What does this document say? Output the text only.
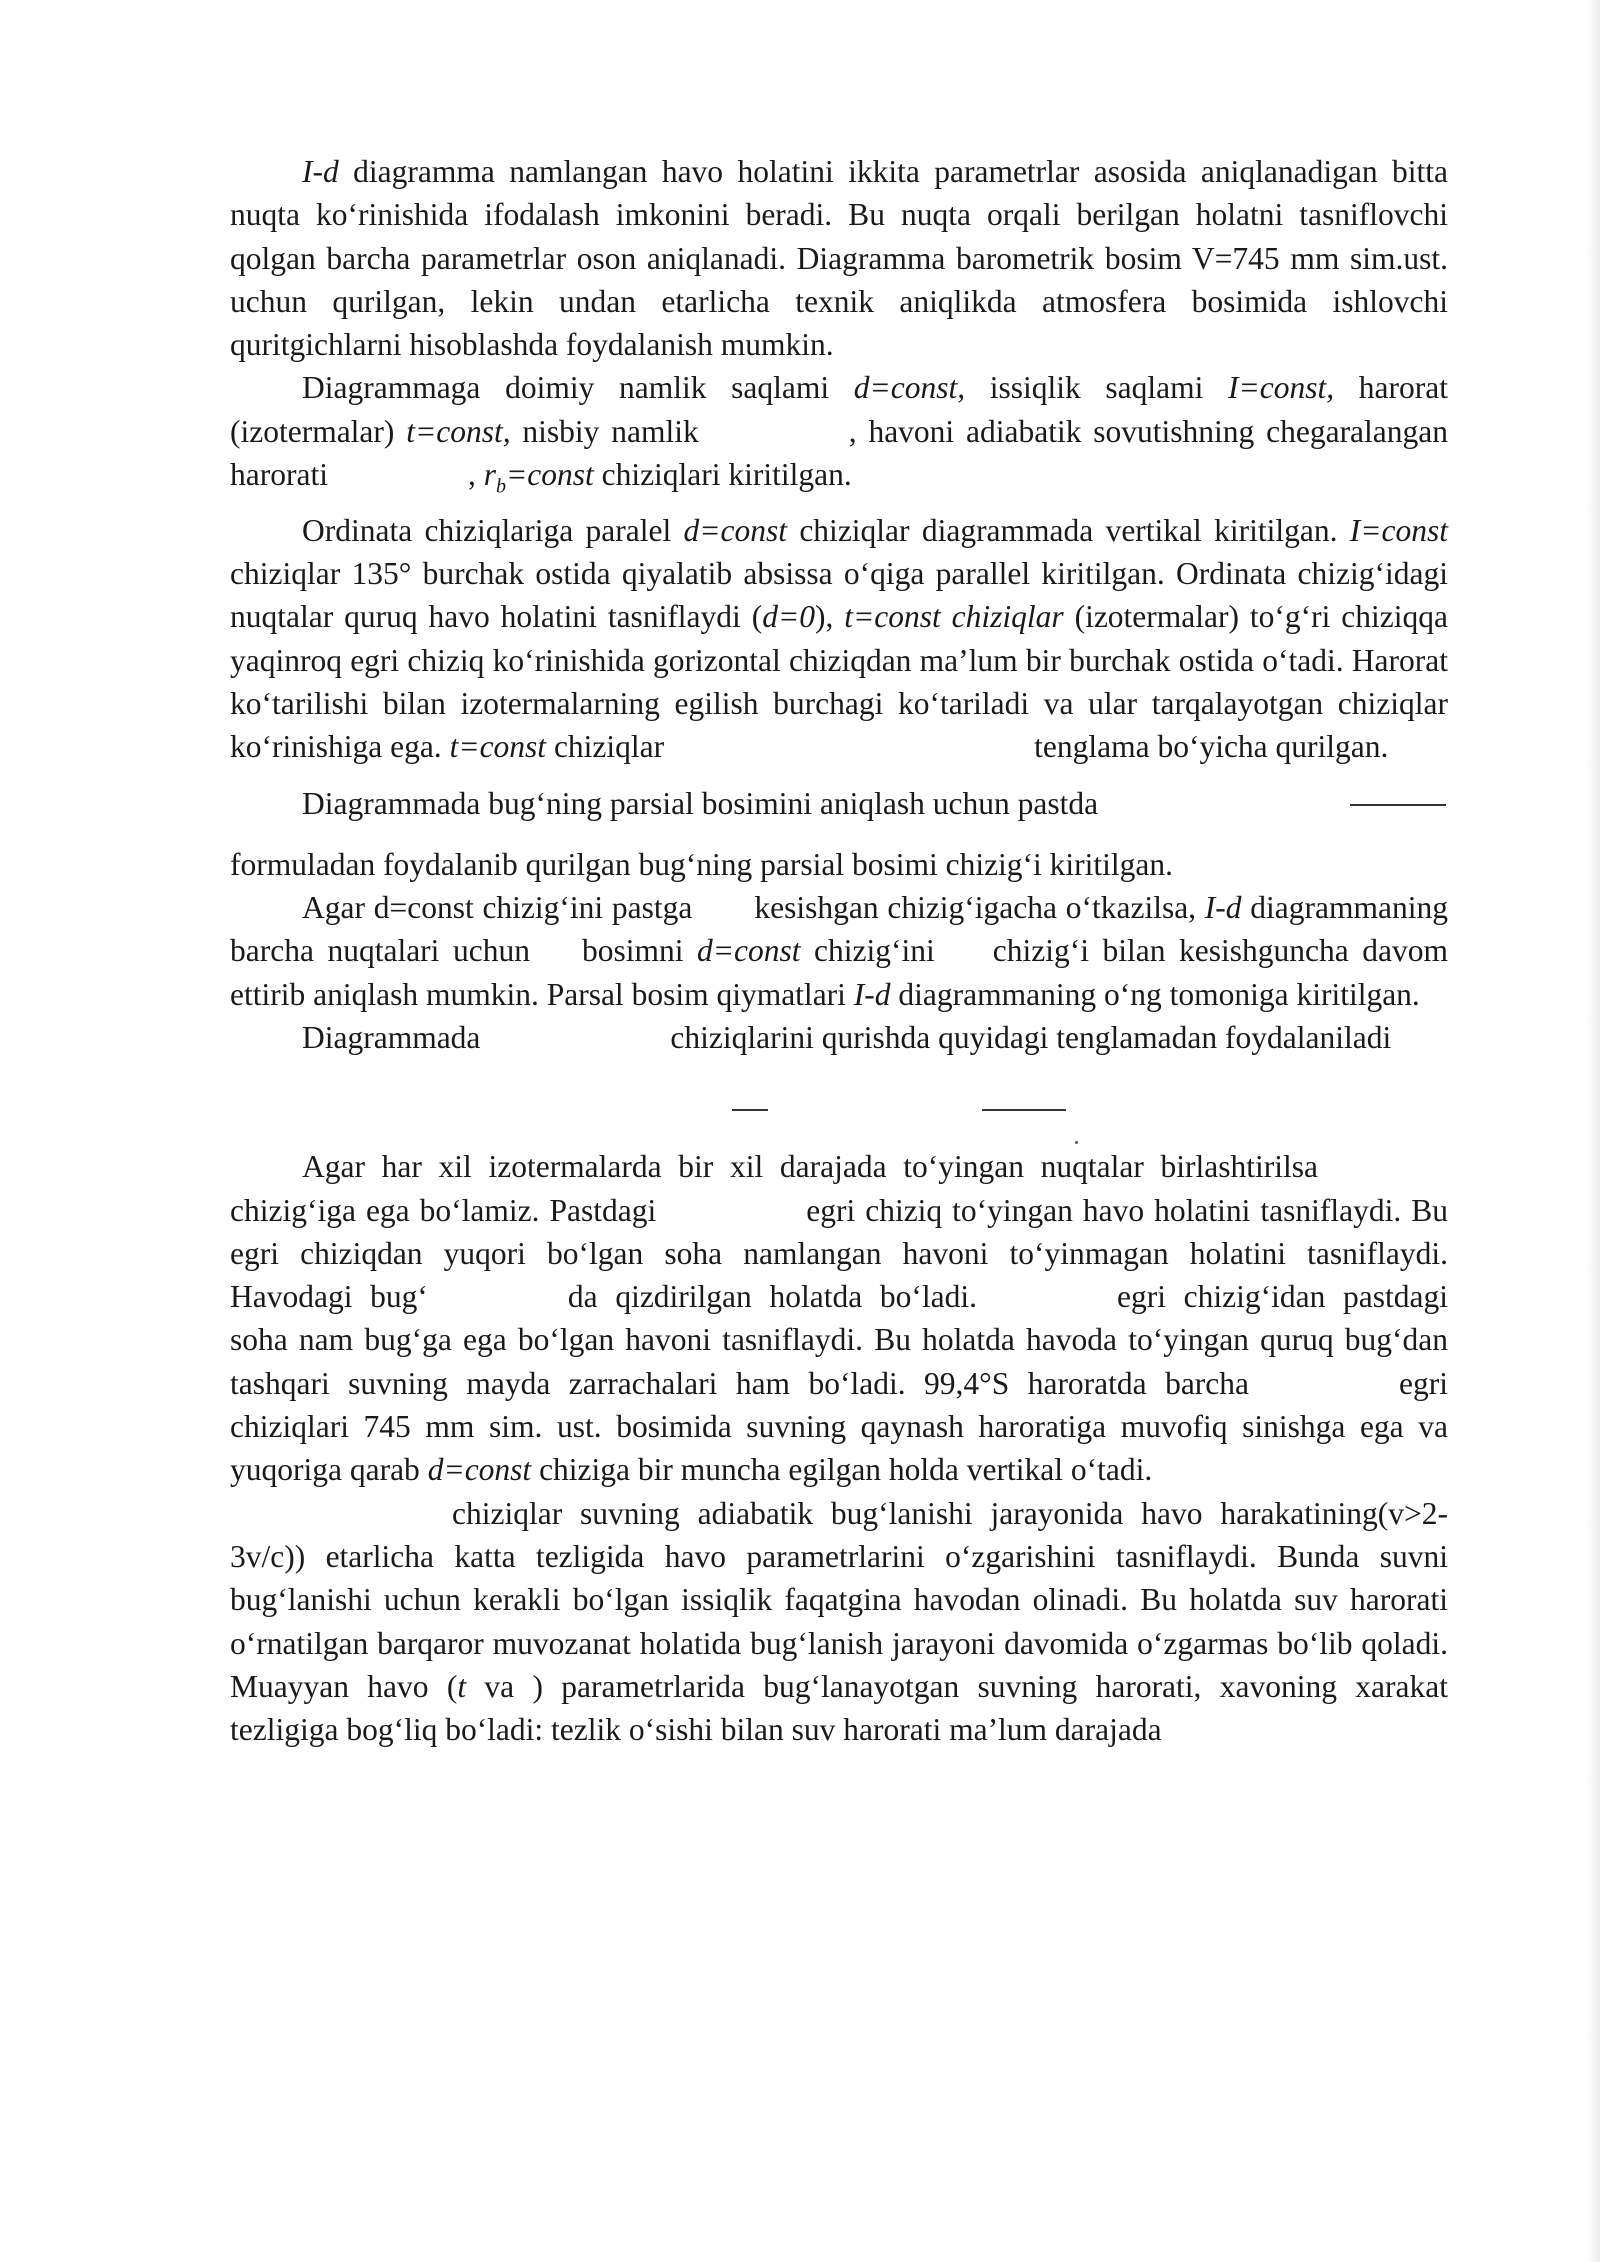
I-d diagramma namlangan havo holatini ikkita parametrlar asosida aniqlanadigan bitta nuqta ko‘rinishida ifodalash imkonini beradi. Bu nuqta orqali berilgan holatni tasniflovchi qolgan barcha parametrlar oson aniqlanadi. Diagramma barometrik bosim V=745 mm sim.ust. uchun qurilgan, lekin undan etarlicha texnik aniqlikda atmosfera bosimida ishlovchi quritgichlarni hisoblashda foydalanish mumkin.

Diagrammaga doimiy namlik saqlami d=const, issiqlik saqlami I=const, harorat (izotermalar) t=const, nisbiy namlik	, havoni adiabatik sovutishning chegaralangan harorati	, $r_b=const$ chiziqlari kiritilgan.

Ordinata chiziqlariga paralel d=const chiziqlar diagrammada vertikal kiritilgan. I=const chiziqlar 135° burchak ostida qiyalatib absissa o‘qiga parallel kiritilgan. Ordinata chizig‘idagi nuqtalar quruq havo holatini tasniflaydi (d=0), t=const chiziqlar (izotermalar) to‘g‘ri chiziqqa yaqinroq egri chiziq ko‘rinishida gorizontal chiziqdan ma’lum bir burchak ostida o‘tadi. Harorat ko‘tarilishi bilan izotermalarning egilish burchagi ko‘tariladi va ular tarqalayotgan chiziqlar ko‘rinishiga ega. t=const chiziqlar	tenglama bo‘yicha qurilgan.

Diagrammada bug‘ning parsial bosimini aniqlash uchun pastda

formuladan foydalanib qurilgan bug‘ning parsial bosimi chizig‘i kiritilgan.

Agar d=const chizig‘ini pastga kesishgan chizig‘igacha o‘tkazilsa, I-d diagrammaning barcha nuqtalari uchun bosimni d=const chizig‘ini chizig‘i bilan kesishguncha davom ettirib aniqlash mumkin. Parsal bosim qiymatlari I-d diagrammaning o‘ng tomoniga kiritilgan.

Diagrammada	chiziqlarini qurishda quyidagi tenglamadan foydalaniladi

Agar har xil izotermalarda bir xil darajada to‘yingan nuqtalar birlashtirilsachizig‘iga ega bo‘lamiz. Pastdagi	egri chiziq to‘yingan havo holatini tasniflaydi. Bu egri chiziqdan yuqori bo‘lgan soha namlangan havoni to‘yinmagan holatini tasniflaydi. Havodagi bug‘	da qizdirilgan holatda bo‘ladi.	egri chizig‘idan pastdagi soha nam bug‘ga ega bo‘lgan havoni tasniflaydi. Bu holatda havoda to‘yingan quruq bug‘dan tashqari suvning mayda zarrachalari ham bo‘ladi. 99,4°S haroratda barcha	egri chiziqlari 745 mm sim. ust. bosimida suvning qaynash haroratiga muvofiq sinishga ega va yuqoriga qarab d=const chiziga bir muncha egilgan holda vertikal o‘tadi.

chiziqlar suvning adiabatik bug‘lanishi jarayonida havo harakatining(v>2-3v/c)) etarlicha katta tezligida havo parametrlarini o‘zgarishini tasniflaydi. Bunda suvni bug‘lanishi uchun kerakli bo‘lgan issiqlik faqatgina havodan olinadi. Bu holatda suv harorati o‘rnatilgan barqaror muvozanat holatida bug‘lanish jarayoni davomida o‘zgarmas bo‘lib qoladi. Muayyan havo (t va ) parametrlarida bug‘lanayotgan suvning harorati, xavoning xarakat tezligiga bog‘liq bo‘ladi: tezlik o‘sishi bilan suv harorati ma’lum darajada
